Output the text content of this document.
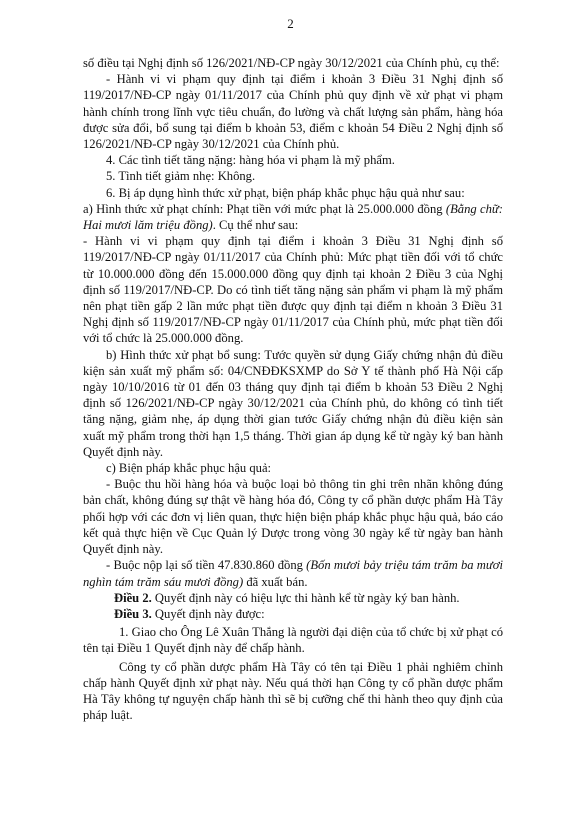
2

số điều tại Nghị định số 126/2021/NĐ-CP ngày 30/12/2021 của Chính phủ, cụ thể:

- Hành vi vi phạm quy định tại điểm i khoản 3 Điều 31 Nghị định số 119/2017/NĐ-CP ngày 01/11/2017 của Chính phủ quy định về xử phạt vi phạm hành chính trong lĩnh vực tiêu chuẩn, đo lường và chất lượng sản phẩm, hàng hóa được sửa đổi, bổ sung tại điểm b khoản 53, điểm c khoản 54 Điều 2 Nghị định số 126/2021/NĐ-CP ngày 30/12/2021 của Chính phủ.

4. Các tình tiết tăng nặng: hàng hóa vi phạm là mỹ phẩm.

5. Tình tiết giảm nhẹ: Không.

6. Bị áp dụng hình thức xử phạt, biện pháp khắc phục hậu quả như sau:

a) Hình thức xử phạt chính: Phạt tiền với mức phạt là 25.000.000 đồng (Bằng chữ: Hai mươi lăm triệu đồng). Cụ thể như sau:

- Hành vi vi phạm quy định tại điểm i khoản 3 Điều 31 Nghị định số 119/2017/NĐ-CP ngày 01/11/2017 của Chính phủ: Mức phạt tiền đối với tổ chức từ 10.000.000 đồng đến 15.000.000 đồng quy định tại khoản 2 Điều 3 của Nghị định số 119/2017/NĐ-CP. Do có tình tiết tăng nặng sản phẩm vi phạm là mỹ phẩm nên phạt tiền gấp 2 lần mức phạt tiền được quy định tại điểm n khoản 3 Điều 31 Nghị định số 119/2017/NĐ-CP ngày 01/11/2017 của Chính phủ, mức phạt tiền đối với tổ chức là 25.000.000 đồng.

b) Hình thức xử phạt bổ sung: Tước quyền sử dụng Giấy chứng nhận đủ điều kiện sản xuất mỹ phẩm số: 04/CNĐĐKSXMP do Sở Y tế thành phố Hà Nội cấp ngày 10/10/2016 từ 01 đến 03 tháng quy định tại điểm b khoản 53 Điều 2 Nghị định số 126/2021/NĐ-CP ngày 30/12/2021 của Chính phủ, do không có tình tiết tăng nặng, giảm nhẹ, áp dụng thời gian tước Giấy chứng nhận đủ điều kiện sản xuất mỹ phẩm trong thời hạn 1,5 tháng. Thời gian áp dụng kể từ ngày ký ban hành Quyết định này.

c) Biện pháp khắc phục hậu quả:

- Buộc thu hồi hàng hóa và buộc loại bỏ thông tin ghi trên nhãn không đúng bản chất, không đúng sự thật về hàng hóa đó, Công ty cổ phần dược phẩm Hà Tây phối hợp với các đơn vị liên quan, thực hiện biện pháp khắc phục hậu quả, báo cáo kết quả thực hiện về Cục Quản lý Dược trong vòng 30 ngày kể từ ngày ban hành Quyết định này.

- Buộc nộp lại số tiền 47.830.860 đồng (Bốn mươi bảy triệu tám trăm ba mươi nghìn tám trăm sáu mươi đồng) đã xuất bán.

Điều 2. Quyết định này có hiệu lực thi hành kể từ ngày ký ban hành.

Điều 3. Quyết định này được:

1. Giao cho Ông Lê Xuân Thắng là người đại diện của tổ chức bị xử phạt có tên tại Điều 1 Quyết định này để chấp hành.

Công ty cổ phần dược phẩm Hà Tây có tên tại Điều 1 phải nghiêm chỉnh chấp hành Quyết định xử phạt này. Nếu quá thời hạn Công ty cổ phần dược phẩm Hà Tây không tự nguyện chấp hành thì sẽ bị cưỡng chế thi hành theo quy định của pháp luật.
